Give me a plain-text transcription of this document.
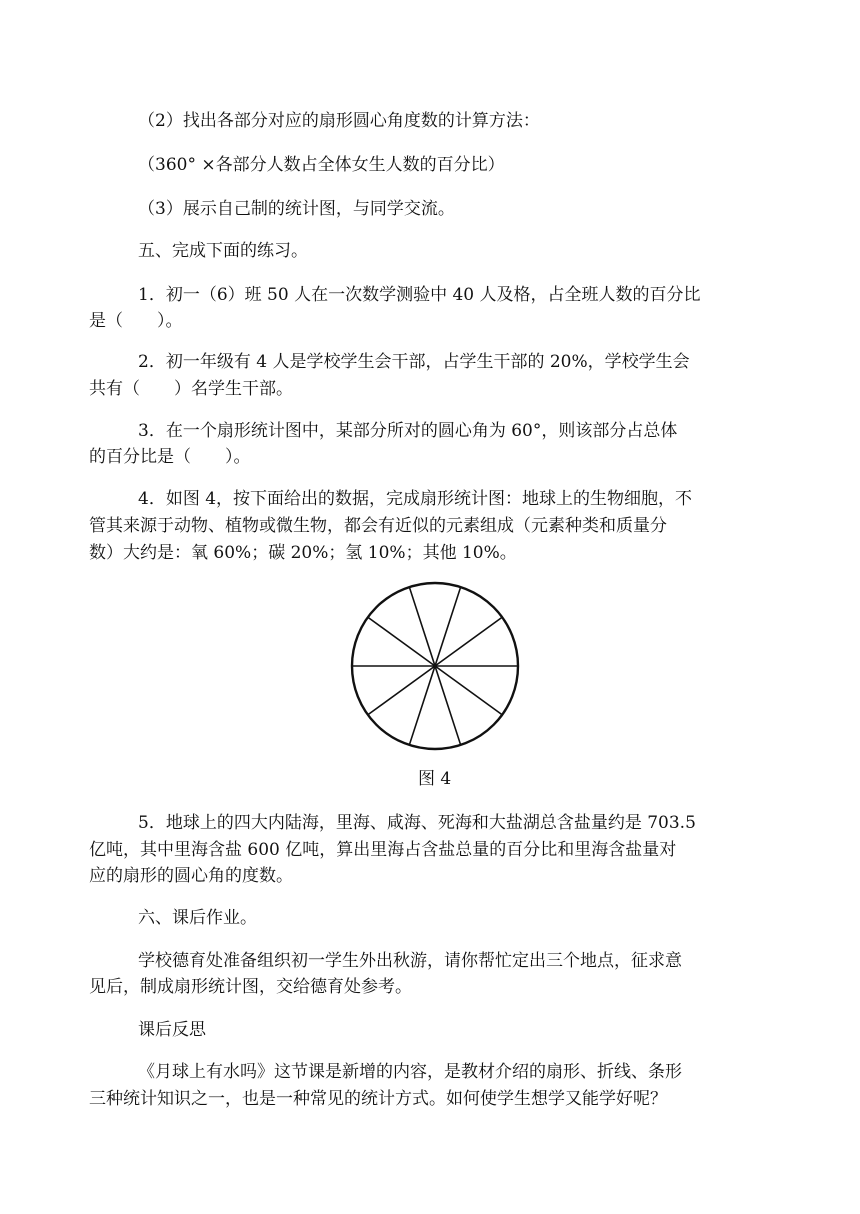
（2）找出各部分对应的扇形圆心角度数的计算方法：
（360° ×各部分人数占全体女生人数的百分比）
（3）展示自己制的统计图，与同学交流。
五、完成下面的练习。
1．初一（6）班 50 人在一次数学测验中 40 人及格，占全班人数的百分比
是（　　）。
2．初一年级有 4 人是学校学生会干部，占学生干部的 20%，学校学生会
共有（　　）名学生干部。
3．在一个扇形统计图中，某部分所对的圆心角为 60°，则该部分占总体
的百分比是（　　）。
4．如图 4，按下面给出的数据，完成扇形统计图：地球上的生物细胞，不
管其来源于动物、植物或微生物，都会有近似的元素组成（元素种类和质量分
数）大约是：氧 60%；碳 20%；氢 10%；其他 10%。
图 4
5．地球上的四大内陆海，里海、咸海、死海和大盐湖总含盐量约是 703.5
亿吨，其中里海含盐 600 亿吨，算出里海占含盐总量的百分比和里海含盐量对
应的扇形的圆心角的度数。
六、课后作业。
学校德育处准备组织初一学生外出秋游，请你帮忙定出三个地点，征求意
见后，制成扇形统计图，交给德育处参考。
课后反思
《月球上有水吗》这节课是新增的内容，是教材介绍的扇形、折线、条形
三种统计知识之一，也是一种常见的统计方式。如何使学生想学又能学好呢？
